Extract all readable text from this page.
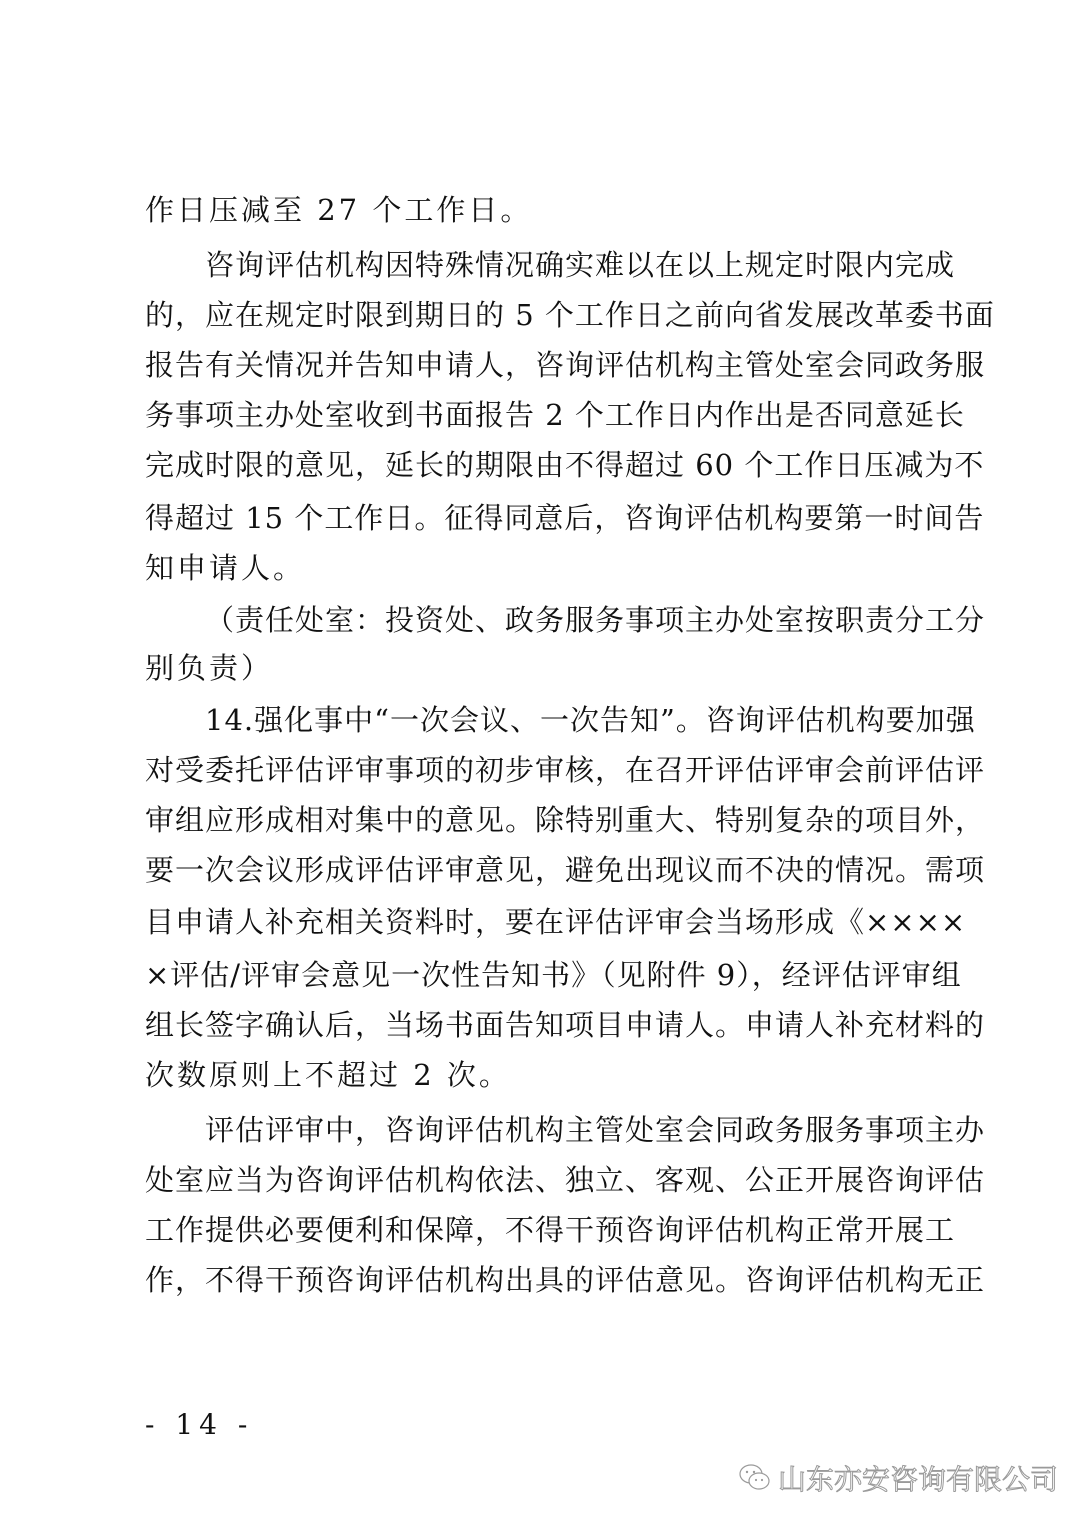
作日压减至 27 个工作日。
咨询评估机构因特殊情况确实难以在以上规定时限内完成
的，应在规定时限到期日的 5 个工作日之前向省发展改革委书面
报告有关情况并告知申请人，咨询评估机构主管处室会同政务服
务事项主办处室收到书面报告 2 个工作日内作出是否同意延长
完成时限的意见，延长的期限由不得超过 60 个工作日压减为不
得超过 15 个工作日。征得同意后，咨询评估机构要第一时间告
知申请人。
（责任处室：投资处、政务服务事项主办处室按职责分工分
别负责）
14.强化事中“一次会议、一次告知”。咨询评估机构要加强
对受委托评估评审事项的初步审核，在召开评估评审会前评估评
审组应形成相对集中的意见。除特别重大、特别复杂的项目外，
要一次会议形成评估评审意见，避免出现议而不决的情况。需项
目申请人补充相关资料时，要在评估评审会当场形成《××××
×评估/评审会意见一次性告知书》（见附件 9），经评估评审组
组长签字确认后，当场书面告知项目申请人。申请人补充材料的
次数原则上不超过 2 次。
评估评审中，咨询评估机构主管处室会同政务服务事项主办
处室应当为咨询评估机构依法、独立、客观、公正开展咨询评估
工作提供必要便利和保障，不得干预咨询评估机构正常开展工
作，不得干预咨询评估机构出具的评估意见。咨询评估机构无正
- 14 -
山东亦安咨询有限公司
